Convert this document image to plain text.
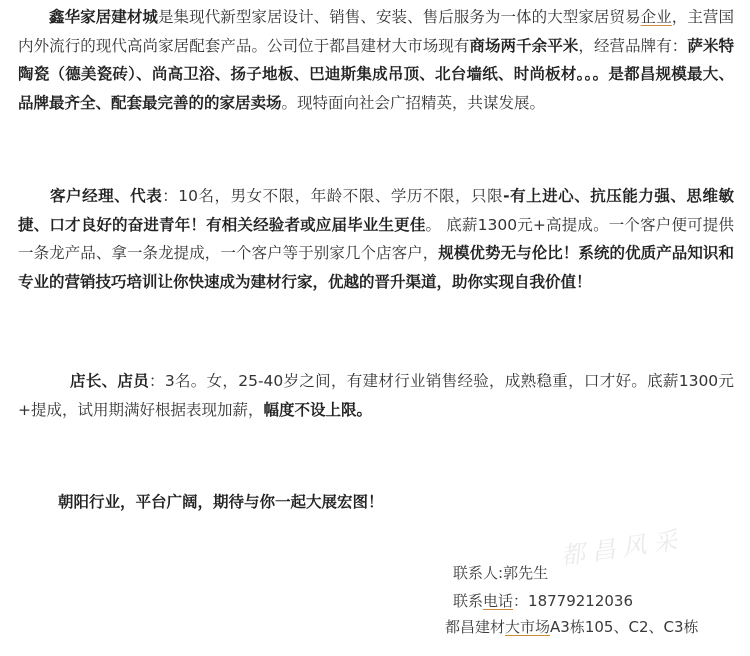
鑫华家居建材城是集现代新型家居设计、销售、安装、售后服务为一体的大型家居贸易企业，主营国内外流行的现代高尚家居配套产品。公司位于都昌建材大市场现有商场两千余平米，经营品牌有：萨米特陶瓷（德美瓷砖）、尚高卫浴、扬子地板、巴迪斯集成吊顶、北台墙纸、时尚板材。。。是都昌规模最大、品牌最齐全、配套最完善的的家居卖场。现特面向社会广招精英，共谋发展。

客户经理、代表：10名，男女不限，年龄不限、学历不限，只限-有上进心、抗压能力强、思维敏捷、口才良好的奋进青年！有相关经验者或应届毕业生更佳。 底薪1300元+高提成。一个客户便可提供一条龙产品、拿一条龙提成，一个客户等于别家几个店客户，规模优势无与伦比！系统的优质产品知识和专业的营销技巧培训让你快速成为建材行家，优越的晋升渠道，助你实现自我价值！

店长、店员：3名。女，25-40岁之间，有建材行业销售经验，成熟稳重，口才好。底薪1300元+提成，试用期满好根据表现加薪，幅度不设上限。

朝阳行业，平台广阔，期待与你一起大展宏图！

都昌风采
联系人:郭先生
联系电话：18779212036
都昌建材大市场A3栋105、C2、C3栋
